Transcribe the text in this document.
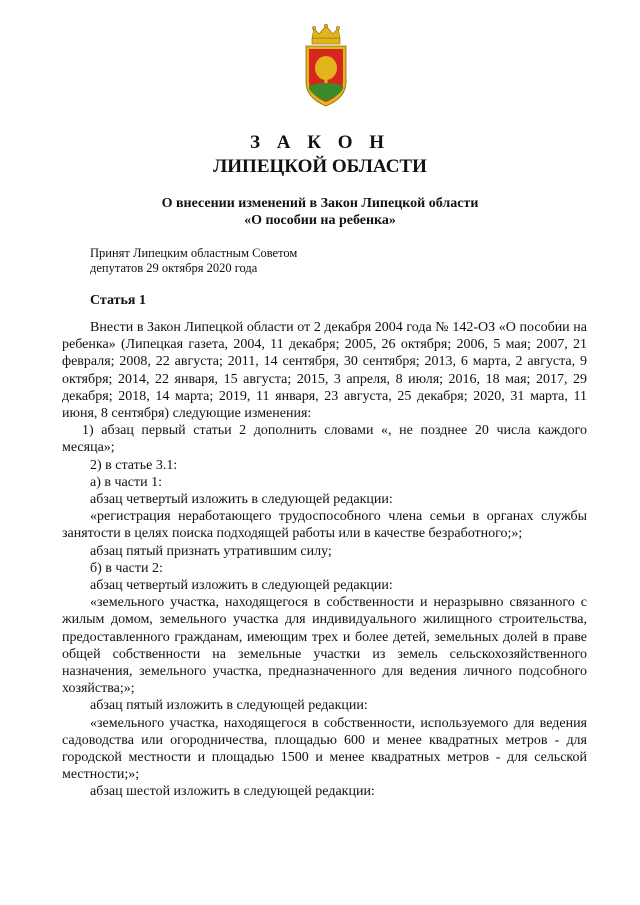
З А К О Н
ЛИПЕЦКОЙ ОБЛАСТИ
О внесении изменений в Закон Липецкой области
«О пособии на ребенка»
Принят Липецким областным Советом
депутатов 29 октября 2020 года
Статья 1

Внести в Закон Липецкой области от 2 декабря 2004 года № 142-ОЗ «О пособии на ребенка» (Липецкая газета, 2004, 11 декабря; 2005, 26 октября; 2006, 5 мая; 2007, 21 февраля; 2008, 22 августа; 2011, 14 сентября, 30 сентября; 2013, 6 марта, 2 августа, 9 октября; 2014, 22 января, 15 августа; 2015, 3 апреля, 8 июля; 2016, 18 мая; 2017, 29 декабря; 2018, 14 марта; 2019, 11 января, 23 августа, 25 декабря; 2020, 31 марта, 11 июня, 8 сентября) следующие изменения:

1) абзац первый статьи 2 дополнить словами «, не позднее 20 числа каждого месяца»;

2) в статье 3.1:

а) в части 1:

абзац четвертый изложить в следующей редакции:

«регистрация неработающего трудоспособного члена семьи в органах службы занятости в целях поиска подходящей работы или в качестве безработного;»;

абзац пятый признать утратившим силу;

б) в части 2:

абзац четвертый изложить в следующей редакции:

«земельного участка, находящегося в собственности и неразрывно связанного с жилым домом, земельного участка для индивидуального жилищного строительства, предоставленного гражданам, имеющим трех и более детей, земельных долей в праве общей собственности на земельные участки из земель сельскохозяйственного назначения, земельного участка, предназначенного для ведения личного подсобного хозяйства;»;

абзац пятый изложить в следующей редакции:

«земельного участка, находящегося в собственности, используемого для ведения садоводства или огородничества, площадью 600 и менее квадратных метров - для городской местности и площадью 1500 и менее квадратных метров - для сельской местности;»;

абзац шестой изложить в следующей редакции:
